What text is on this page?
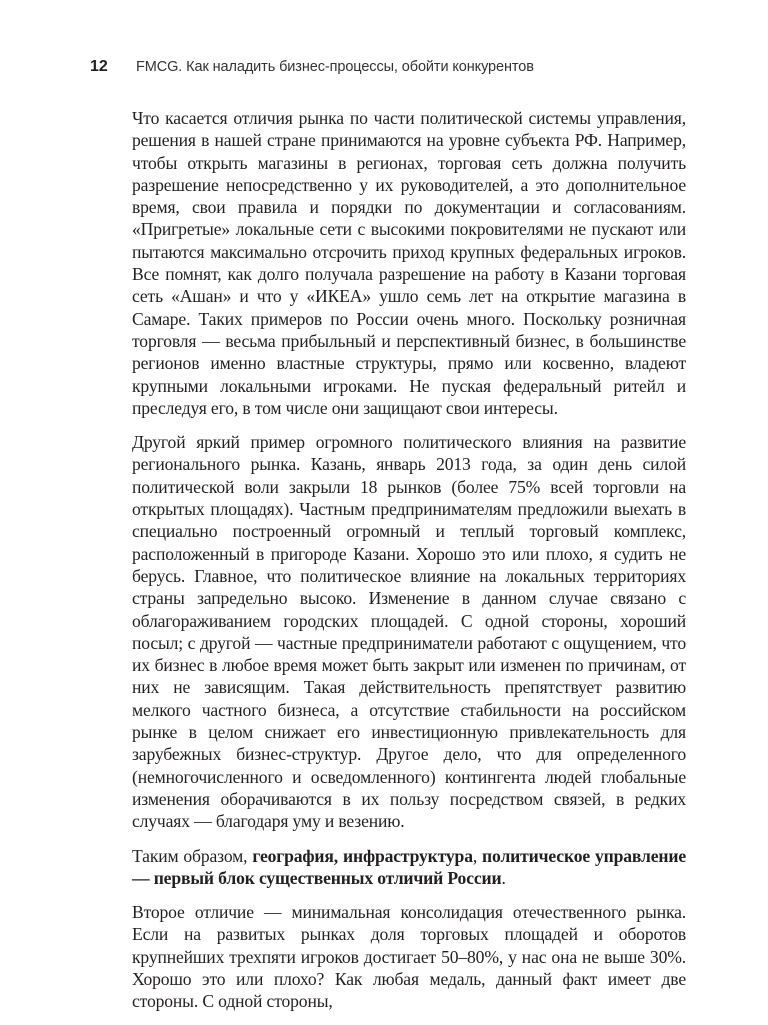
12 FMCG. Как наладить бизнес-процессы, обойти конкурентов

Что касается отличия рынка по части политической системы управления, решения в нашей стране принимаются на уровне субъекта РФ. Например, чтобы открыть магазины в регионах, торговая сеть должна получить разрешение непосредственно у их руководителей, а это дополнительное время, свои правила и порядки по документации и согласованиям. «Пригретые» локальные сети с высокими покровителями не пускают или пытаются максимально отсрочить приход крупных федеральных игроков. Все помнят, как долго получала разрешение на работу в Казани торговая сеть «Ашан» и что у «ИКЕА» ушло семь лет на открытие магазина в Самаре. Таких примеров по России очень много. Поскольку розничная торговля — весьма прибыльный и перспективный бизнес, в большинстве регионов именно властные структуры, прямо или косвенно, владеют крупными локальными игроками. Не пуская федеральный ритейл и преследуя его, в том числе они защищают свои интересы.

Другой яркий пример огромного политического влияния на развитие регионального рынка. Казань, январь 2013 года, за один день силой политической воли закрыли 18 рынков (более 75% всей торговли на открытых площадях). Частным предпринимателям предложили выехать в специально построенный огромный и теплый торговый комплекс, расположенный в пригороде Казани. Хорошо это или плохо, я судить не берусь. Главное, что политическое влияние на локальных территориях страны запредельно высоко. Изменение в данном случае связано с облагораживанием городских площадей. С одной стороны, хороший посыл; с другой — частные предприниматели работают с ощущением, что их бизнес в любое время может быть закрыт или изменен по причинам, от них не зависящим. Такая действительность препятствует развитию мелкого частного бизнеса, а отсутствие стабильности на российском рынке в целом снижает его инвестиционную привлекательность для зарубежных бизнес-структур. Другое дело, что для определенного (немногочисленного и осведомленного) контингента людей глобальные изменения оборачиваются в их пользу посредством связей, в редких случаях — благодаря уму и везению.

Таким образом, география, инфраструктура, политическое управление — первый блок существенных отличий России.

Второе отличие — минимальная консолидация отечественного рынка. Если на развитых рынках доля торговых площадей и оборотов крупнейших трехпяти игроков достигает 50–80%, у нас она не выше 30%. Хорошо это или плохо? Как любая медаль, данный факт имеет две стороны. С одной стороны,
